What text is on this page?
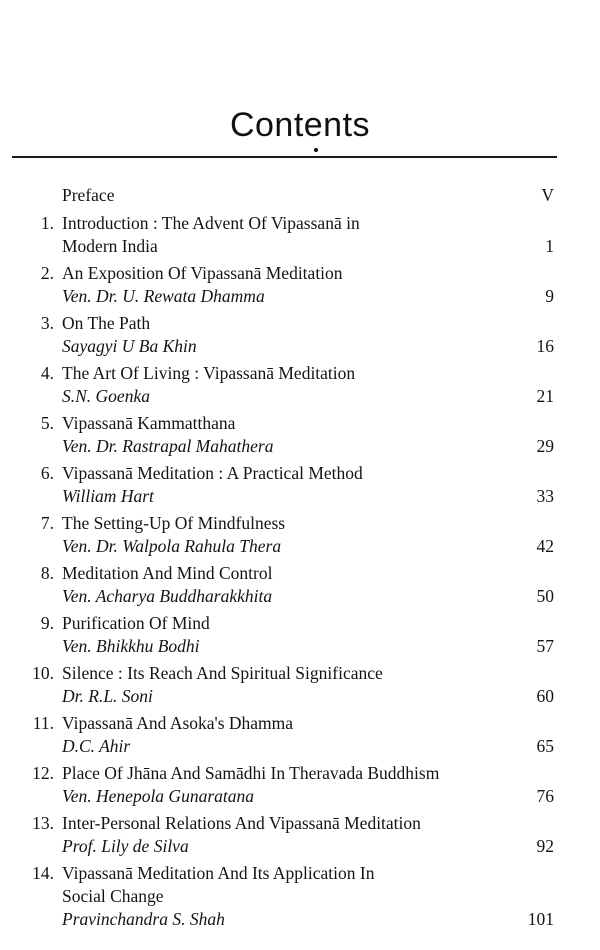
Contents
Preface	V
1. Introduction : The Advent Of Vipassanā in
Modern India	1
2. An Exposition Of Vipassanā Meditation
Ven. Dr. U. Rewata Dhamma	9
3. On The Path
Sayagyi U Ba Khin	16
4. The Art Of Living : Vipassanā Meditation
S.N. Goenka	21
5. Vipassanā Kammatthana
Ven. Dr. Rastrapal Mahathera	29
6. Vipassanā Meditation : A Practical Method
William Hart	33
7. The Setting-Up Of Mindfulness
Ven. Dr. Walpola Rahula Thera	42
8. Meditation And Mind Control
Ven. Acharya Buddharakkhita	50
9. Purification Of Mind
Ven. Bhikkhu Bodhi	57
10. Silence : Its Reach And Spiritual Significance
Dr. R.L. Soni	60
11. Vipassanā And Asoka's Dhamma
D.C. Ahir	65
12. Place Of Jhāna And Samādhi In Theravada Buddhism
Ven. Henepola Gunaratana	76
13. Inter-Personal Relations And Vipassanā Meditation
Prof. Lily de Silva	92
14. Vipassanā Meditation And Its Application In
Social Change
Pravinchandra S. Shah	101
